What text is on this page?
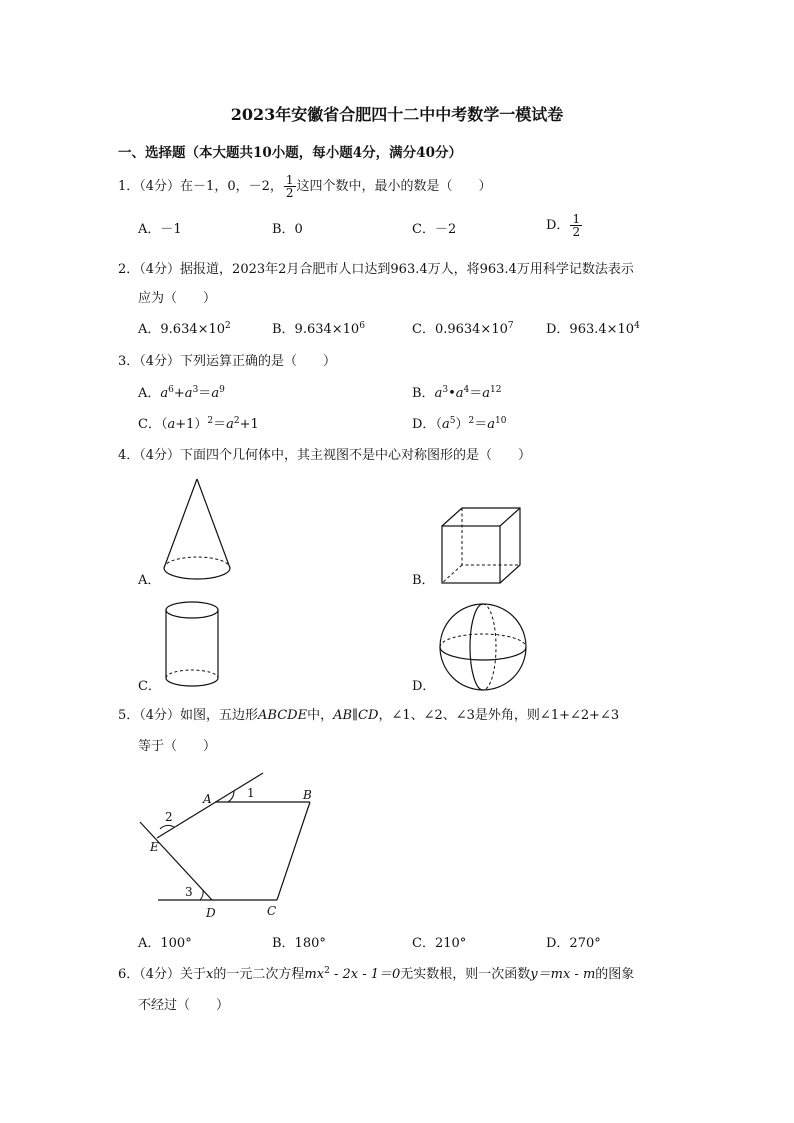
2023年安徽省合肥四十二中中考数学一模试卷
一、选择题（本大题共10小题，每小题4分，满分40分）
1．（4分）在－1，0，－2， $\frac{1}{2}$ 这四个数中，最小的数是（　　）
A．－1	B．0	C．－2	D． $\frac{1}{2}$
2．（4分）据报道，2023年2月合肥市人口达到963.4万人，将963.4万用科学记数法表示
应为（　　）
A．$9.634\times 10^2$	B．$9.634\times 10^6$	C．$0.9634\times 10^7$ D．$963.4\times 10^4$
3．（4分）下列运算正确的是（　　）
A．$a^6+a^3=a^9$	B．$a^3•a^4=a^{12}$
C．$(a+1)^2=a^2+1$	D．$(a^5)^2=a^{10}$
4．（4分）下面四个几何体中，其主视图不是中心对称图形的是（　　）
A．	B．
C．	D．
5．（4分）如图，五边形ABCDE中，AB∥CD，∠1、∠2、∠3是外角，则∠1+∠2+∠3
等于（　　）
A	B
C
D
E
1
2
3
A．100°	B．180°	C．210°	D．270°
6．（4分）关于x的一元二次方程$mx^2 - 2x - 1=0$无实数根，则一次函数y＝mx - m的图象
不经过（　　）
